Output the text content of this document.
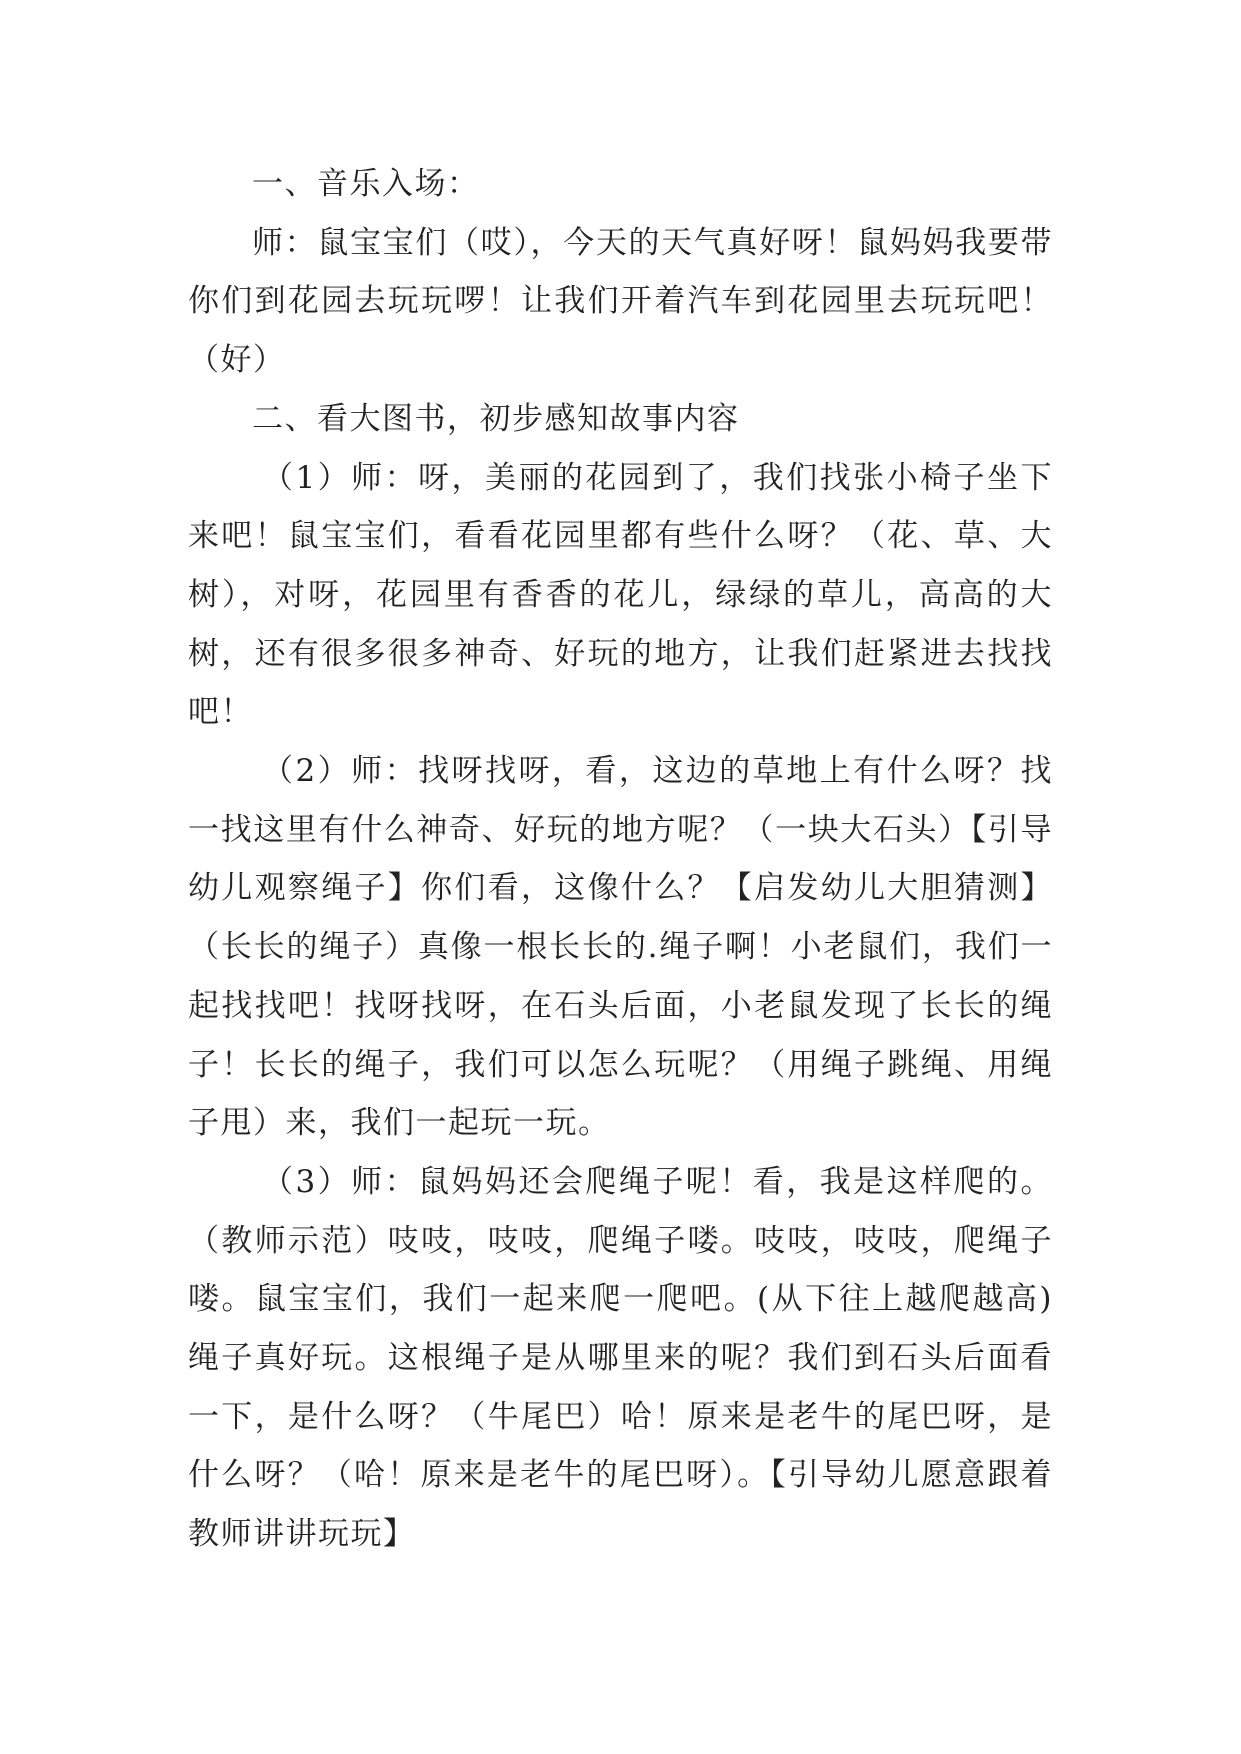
一、音乐入场：

师：鼠宝宝们（哎），今天的天气真好呀！鼠妈妈我要带你们到花园去玩玩啰！让我们开着汽车到花园里去玩玩吧！（好）

二、看大图书，初步感知故事内容

（1）师：呀，美丽的花园到了，我们找张小椅子坐下来吧！鼠宝宝们，看看花园里都有些什么呀？（花、草、大树），对呀，花园里有香香的花儿，绿绿的草儿，高高的大树，还有很多很多神奇、好玩的地方，让我们赶紧进去找找吧！

（2）师：找呀找呀，看，这边的草地上有什么呀？找一找这里有什么神奇、好玩的地方呢？（一块大石头）【引导幼儿观察绳子】你们看，这像什么？【启发幼儿大胆猜测】（长长的绳子）真像一根长长的.绳子啊！小老鼠们，我们一起找找吧！找呀找呀，在石头后面，小老鼠发现了长长的绳子！长长的绳子，我们可以怎么玩呢？（用绳子跳绳、用绳子甩）来，我们一起玩一玩。

（3）师：鼠妈妈还会爬绳子呢！看，我是这样爬的。（教师示范）吱吱，吱吱，爬绳子喽。吱吱，吱吱，爬绳子喽。鼠宝宝们，我们一起来爬一爬吧。(从下往上越爬越高)绳子真好玩。这根绳子是从哪里来的呢？我们到石头后面看一下，是什么呀？（牛尾巴）哈！原来是老牛的尾巴呀，是什么呀？（哈！原来是老牛的尾巴呀）。【引导幼儿愿意跟着教师讲讲玩玩】
